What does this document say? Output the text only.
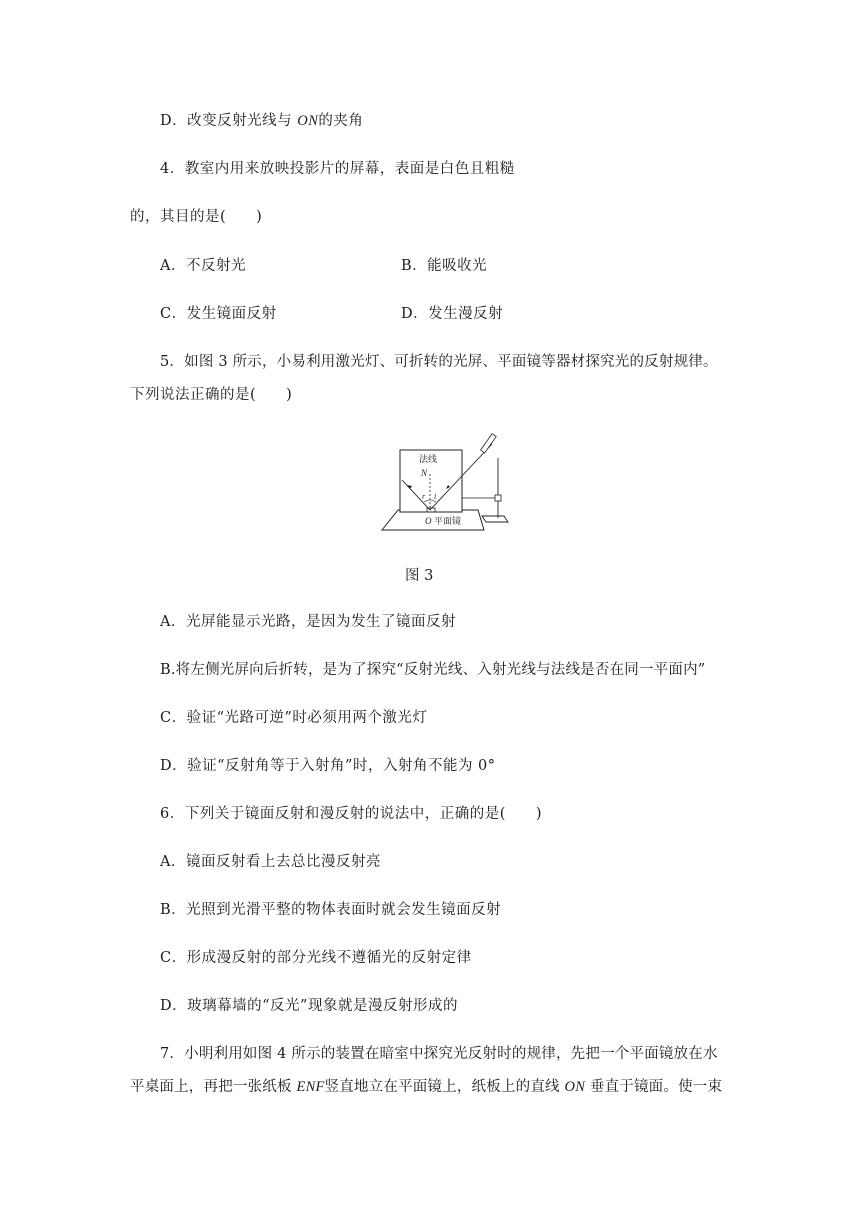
D．改变反射光线与 ON的夹角
4．教室内用来放映投影片的屏幕，表面是白色且粗糙
的，其目的是(　　)
A．不反射光	B．能吸收光
C．发生镜面反射	D．发生漫反射
5．如图 3 所示，小易利用激光灯、可折转的光屏、平面镜等器材探究光的反射规律。
下列说法正确的是(　　)
法线
N
r i
O 平面镜
图 3
A．光屏能显示光路，是因为发生了镜面反射
B.将左侧光屏向后折转，是为了探究“反射光线、入射光线与法线是否在同一平面内”
C．验证“光路可逆”时必须用两个激光灯
D．验证“反射角等于入射角”时，入射角不能为 0°
6．下列关于镜面反射和漫反射的说法中，正确的是(　　)
A．镜面反射看上去总比漫反射亮
B．光照到光滑平整的物体表面时就会发生镜面反射
C．形成漫反射的部分光线不遵循光的反射定律
D．玻璃幕墙的“反光”现象就是漫反射形成的
7．小明利用如图 4 所示的装置在暗室中探究光反射时的规律，先把一个平面镜放在水
平桌面上，再把一张纸板 ENF竖直地立在平面镜上，纸板上的直线 ON 垂直于镜面。使一束
